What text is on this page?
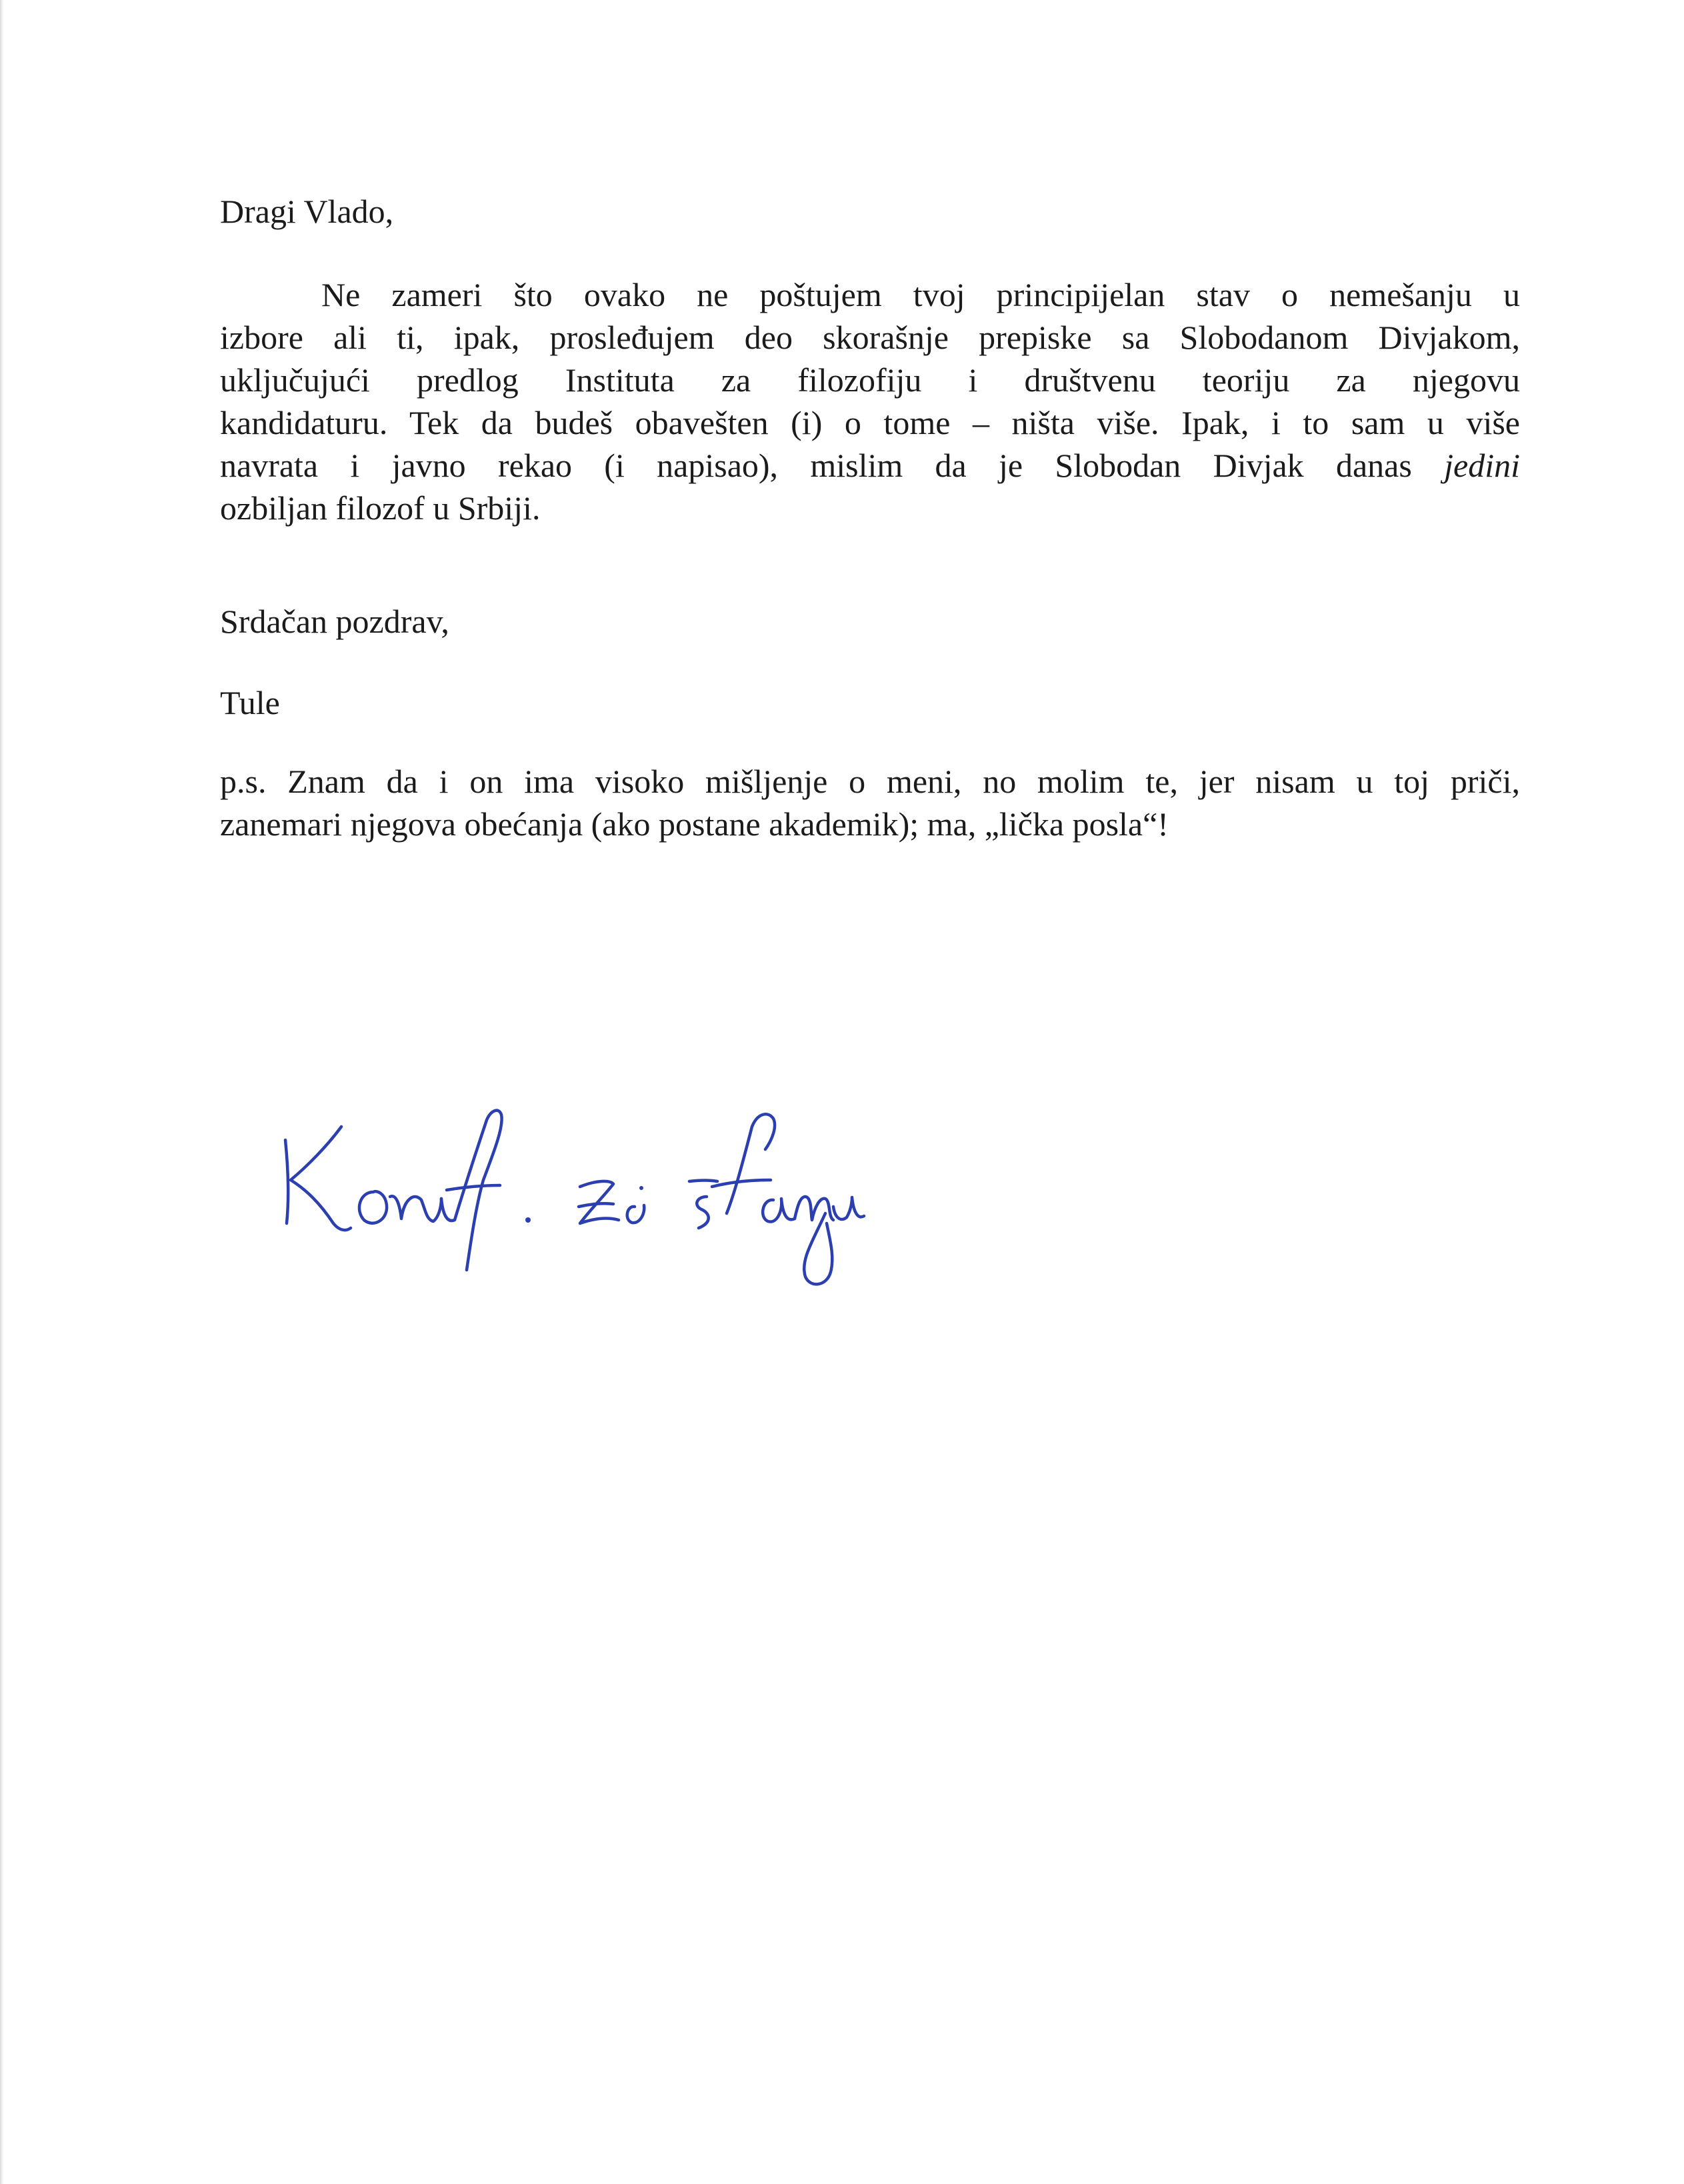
Dragi Vlado,
Ne zameri što ovako ne poštujem tvoj principijelan stav o nemešanju u
izbore ali ti, ipak, prosleđujem deo skorašnje prepiske sa Slobodanom Divjakom,
uključujući predlog Instituta za filozofiju i društvenu teoriju za njegovu
kandidaturu. Tek da budeš obavešten (i) o tome – ništa više. Ipak, i to sam u više
navrata i javno rekao (i napisao), mislim da je Slobodan Divjak danas jedini
ozbiljan filozof u Srbiji.
Srdačan pozdrav,
Tule
p.s. Znam da i on ima visoko mišljenje o meni, no molim te, jer nisam u toj priči,
zanemari njegova obećanja (ako postane akademik); ma, „lička posla“!
